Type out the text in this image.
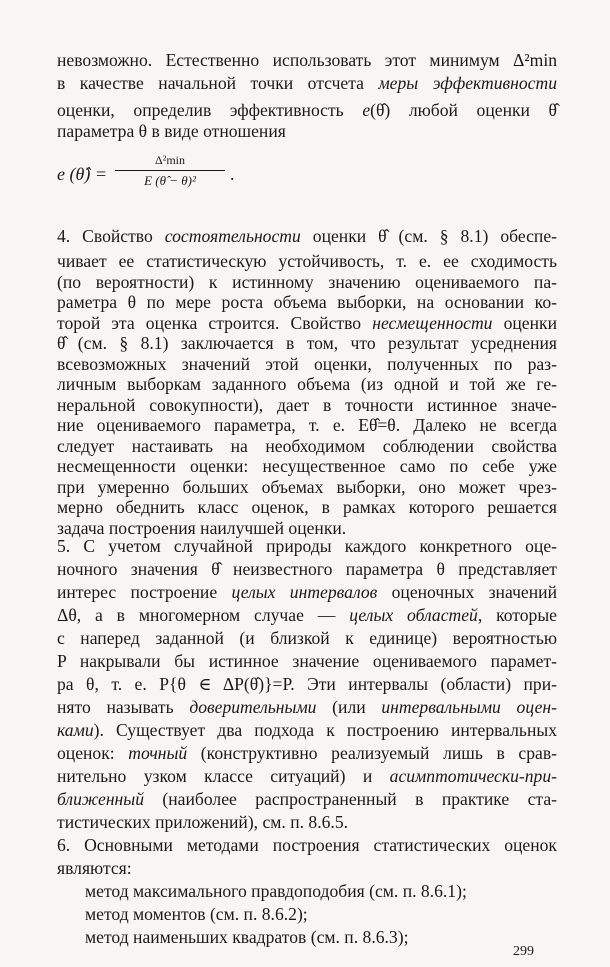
невозможно. Естественно использовать этот минимум Δ²min
в качестве начальной точки отсчета меры эффективности
оценки, определив эффективность e(θ̂) любой оценки θ̂
параметра θ в виде отношения
e (θ̂) =
Δ²min
E (θ̂ − θ)²	.
4. Свойство состоятельности оценки θ̂ (см. § 8.1) обеспе-
чивает ее статистическую устойчивость, т. е. ее сходимость
(по вероятности) к истинному значению оцениваемого па-
раметра θ по мере роста объема выборки, на основании ко-
торой эта оценка строится. Свойство несмещенности оценки
θ̂ (см. § 8.1) заключается в том, что результат усреднения
всевозможных значений этой оценки, полученных по раз-
личным выборкам заданного объема (из одной и той же ге-
неральной совокупности), дает в точности истинное значе-
ние оцениваемого параметра, т. е. Eθ̂=θ. Далеко не всегда
следует настаивать на необходимом соблюдении свойства
несмещенности оценки: несущественное само по себе уже
при умеренно больших объемах выборки, оно может чрез-
мерно обеднить класс оценок, в рамках которого решается
задача построения наилучшей оценки.
5. С учетом случайной природы каждого конкретного оце-
ночного значения θ̂ неизвестного параметра θ представляет
интерес построение целых интервалов оценочных значений
Δθ, а в многомерном случае — целых областей, которые
с наперед заданной (и близкой к единице) вероятностью
P накрывали бы истинное значение оцениваемого парамет-
ра θ, т. е. P{θ ∈ ΔP(θ̂)}=P. Эти интервалы (области) при-
нято называть доверительными (или интервальными оцен-
ками). Существует два подхода к построению интервальных
оценок: точный (конструктивно реализуемый лишь в срав-
нительно узком классе ситуаций) и асимптотически-при-
ближенный (наиболее распространенный в практике ста-
тистических приложений), см. п. 8.6.5.
6. Основными методами построения статистических оценок
являются:
метод максимального правдоподобия (см. п. 8.6.1);
299
метод моментов (см. п. 8.6.2);
метод наименьших квадратов (см. п. 8.6.3);
